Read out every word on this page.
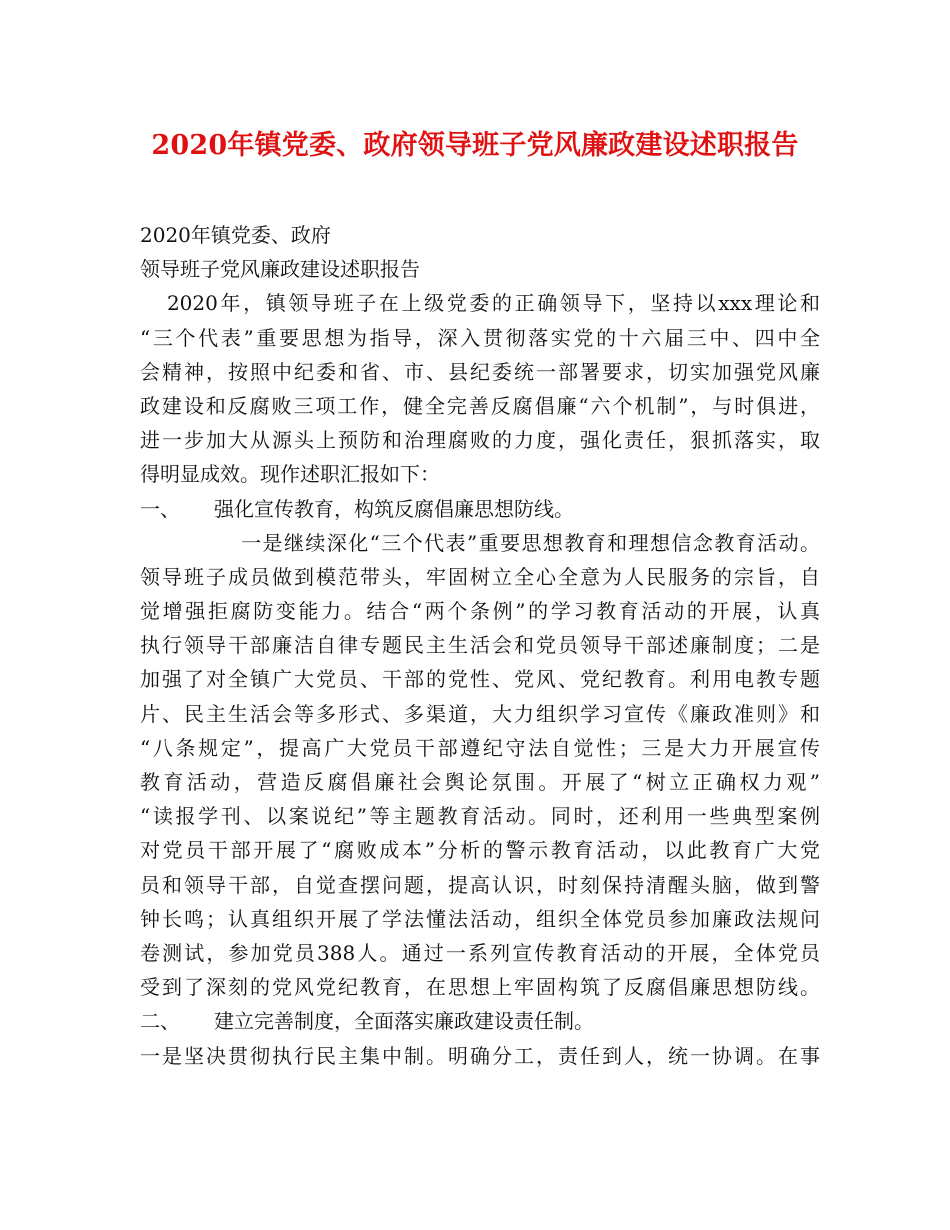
2020年镇党委、政府领导班子党风廉政建设述职报告
2020年镇党委、政府
领导班子党风廉政建设述职报告
2020年，镇领导班子在上级党委的正确领导下，坚持以xxx理论和
“三个代表”重要思想为指导，深入贯彻落实党的十六届三中、四中全
会精神，按照中纪委和省、市、县纪委统一部署要求，切实加强党风廉
政建设和反腐败三项工作，健全完善反腐倡廉“六个机制”，与时俱进，
进一步加大从源头上预防和治理腐败的力度，强化责任，狠抓落实，取
得明显成效。现作述职汇报如下：
一、 强化宣传教育，构筑反腐倡廉思想防线。
一是继续深化“三个代表”重要思想教育和理想信念教育活动。
领导班子成员做到模范带头，牢固树立全心全意为人民服务的宗旨，自
觉增强拒腐防变能力。结合“两个条例”的学习教育活动的开展，认真
执行领导干部廉洁自律专题民主生活会和党员领导干部述廉制度；二是
加强了对全镇广大党员、干部的党性、党风、党纪教育。利用电教专题
片、民主生活会等多形式、多渠道，大力组织学习宣传《廉政准则》和
“八条规定”，提高广大党员干部遵纪守法自觉性；三是大力开展宣传
教育活动，营造反腐倡廉社会舆论氛围。开展了“树立正确权力观”
“读报学刊、以案说纪”等主题教育活动。同时，还利用一些典型案例
对党员干部开展了“腐败成本”分析的警示教育活动，以此教育广大党
员和领导干部，自觉查摆问题，提高认识，时刻保持清醒头脑，做到警
钟长鸣；认真组织开展了学法懂法活动，组织全体党员参加廉政法规问
卷测试，参加党员388人。通过一系列宣传教育活动的开展，全体党员
受到了深刻的党风党纪教育，在思想上牢固构筑了反腐倡廉思想防线。
二、 建立完善制度，全面落实廉政建设责任制。
一是坚决贯彻执行民主集中制。明确分工，责任到人，统一协调。在事
